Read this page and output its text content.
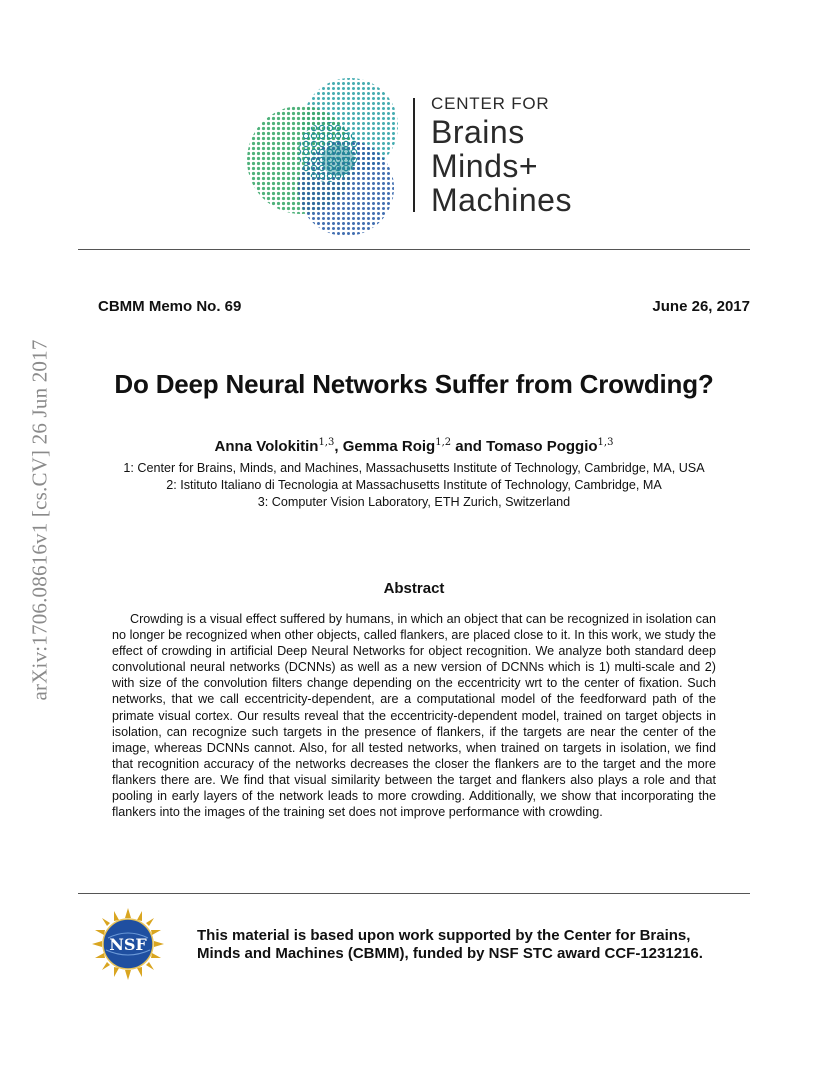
arXiv:1706.08616v1 [cs.CV] 26 Jun 2017
CENTER FOR
Brains
Minds+
Machines
CBMM Memo No. 69	June 26, 2017
Do Deep Neural Networks Suffer from Crowding?
Anna Volokitin$^{1,3}$, Gemma Roig$^{1,2}$ and Tomaso Poggio$^{1,3}$
1: Center for Brains, Minds, and Machines, Massachusetts Institute of Technology, Cambridge, MA, USA
2: Istituto Italiano di Tecnologia at Massachusetts Institute of Technology, Cambridge, MA
3: Computer Vision Laboratory, ETH Zurich, Switzerland
Abstract
Crowding is a visual effect suffered by humans, in which an object that can be recognized in isolation can no longer be recognized when other objects, called flankers, are placed close to it. In this work, we study the effect of crowding in artificial Deep Neural Networks for object recognition. We analyze both standard deep convolutional neural networks (DCNNs) as well as a new version of DCNNs which is 1) multi-scale and 2) with size of the convolution filters change depending on the eccentricity wrt to the center of fixation. Such networks, that we call eccentricity-dependent, are a computational model of the feedforward path of the primate visual cortex. Our results reveal that the eccentricity-dependent model, trained on target objects in isolation, can recognize such targets in the presence of flankers, if the targets are near the center of the image, whereas DCNNs cannot. Also, for all tested networks, when trained on targets in isolation, we find that recognition accuracy of the networks decreases the closer the flankers are to the target and the more flankers there are. We find that visual similarity between the target and flankers also plays a role and that pooling in early layers of the network leads to more crowding. Additionally, we show that incorporating the flankers into the images of the training set does not improve performance with crowding.
NSF	This material is based upon work supported by the Center for Brains,
Minds and Machines (CBMM), funded by NSF STC award CCF-1231216.
